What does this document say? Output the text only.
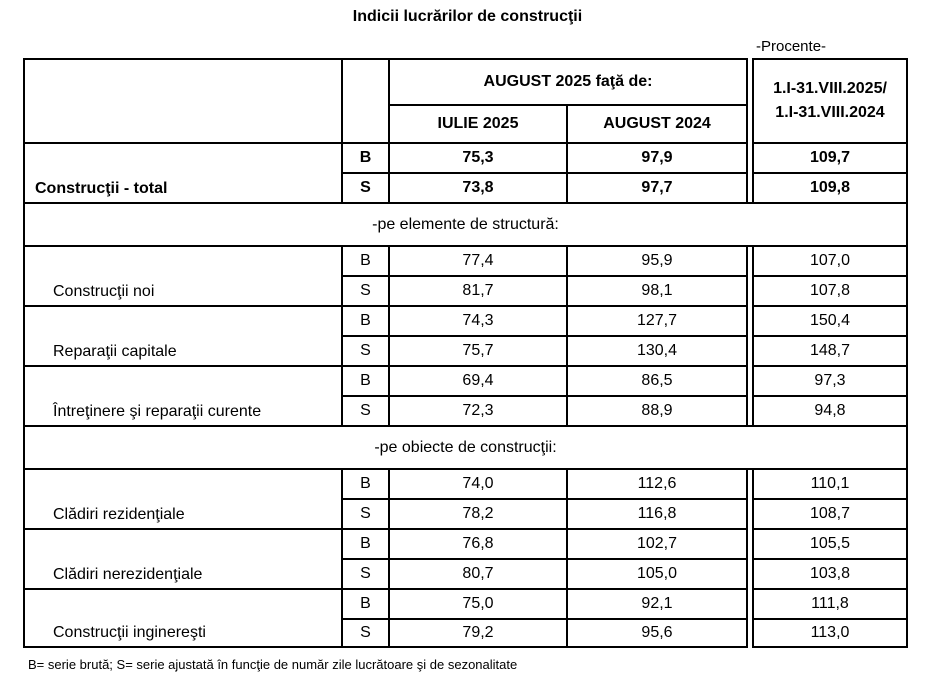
Indicii lucrărilor de construcţii
-Procente-
		AUGUST 2025 faţă de:			1.I-31.VIII.2025/
1.I-31.VIII.2024

		IULIE 2025	AUGUST 2024		
Construcţii - total	B	75,3	97,9		109,7
	S	73,8	97,7		109,8
-pe elemente de structură:					
Construcţii noi	B	77,4	95,9		107,0
	S	81,7	98,1		107,8
Reparaţii capitale	B	74,3	127,7		150,4
	S	75,7	130,4		148,7
Întreţinere şi reparaţii curente	B	69,4	86,5		97,3
	S	72,3	88,9		94,8
-pe obiecte de construcţii:					
Clădiri rezidenţiale	B	74,0	112,6		110,1
	S	78,2	116,8		108,7
Clădiri nerezidenţiale	B	76,8	102,7		105,5
	S	80,7	105,0		103,8
Construcţii inginereşti	B	75,0	92,1		111,8
	S	79,2	95,6		113,0
B= serie brută; S= serie ajustată în funcţie de număr zile lucrătoare şi de sezonalitate
